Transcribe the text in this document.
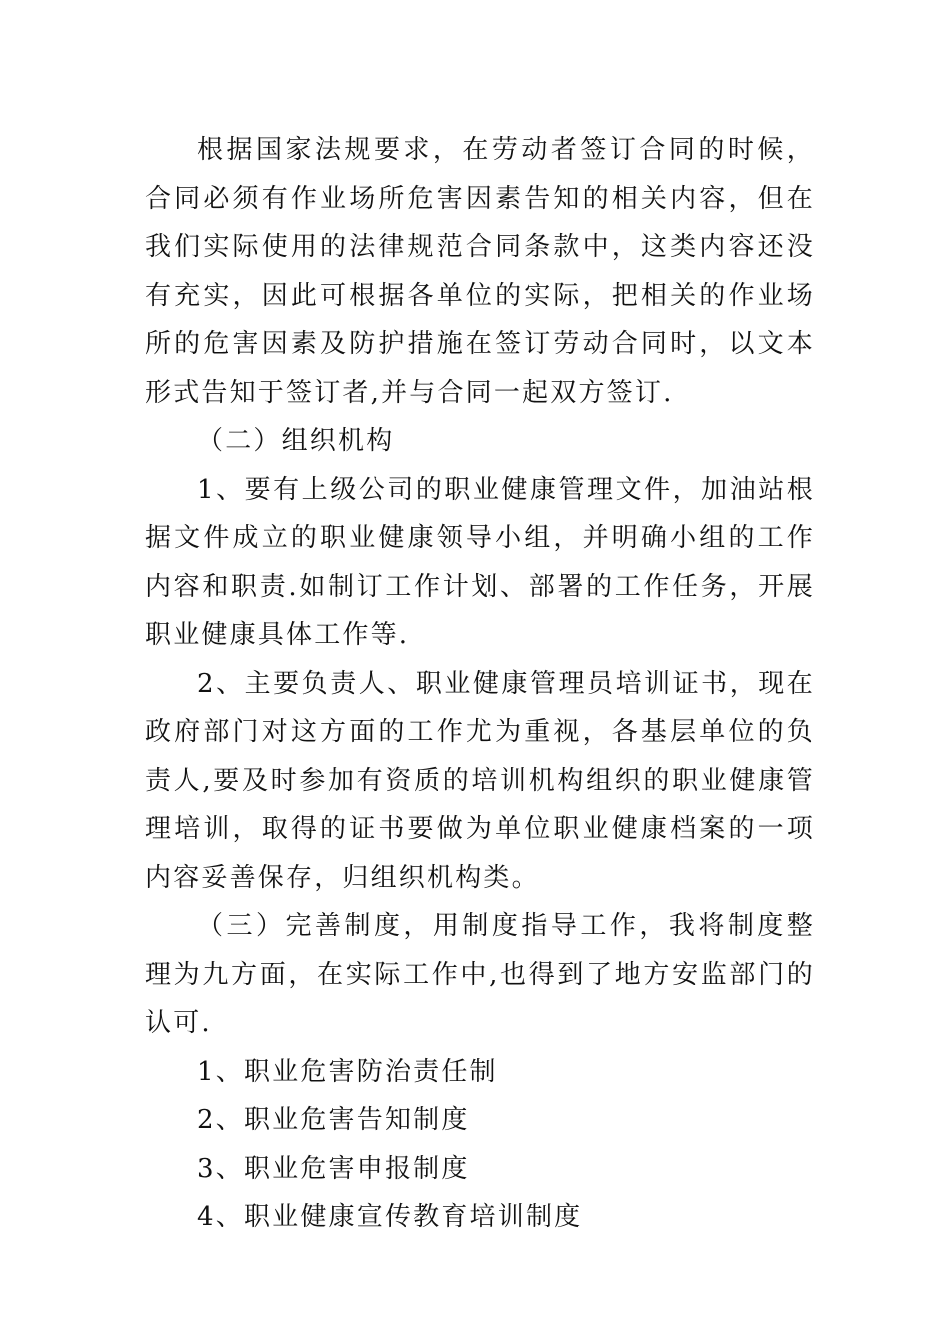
根据国家法规要求，在劳动者签订合同的时候，合同必须有作业场所危害因素告知的相关内容，但在我们实际使用的法律规范合同条款中，这类内容还没有充实，因此可根据各单位的实际，把相关的作业场所的危害因素及防护措施在签订劳动合同时，以文本形式告知于签订者,并与合同一起双方签订.

（二）组织机构

1、要有上级公司的职业健康管理文件，加油站根据文件成立的职业健康领导小组，并明确小组的工作内容和职责.如制订工作计划、部署的工作任务，开展职业健康具体工作等.

2、主要负责人、职业健康管理员培训证书，现在政府部门对这方面的工作尤为重视，各基层单位的负责人,要及时参加有资质的培训机构组织的职业健康管理培训，取得的证书要做为单位职业健康档案的一项内容妥善保存，归组织机构类。

（三）完善制度，用制度指导工作，我将制度整理为九方面，在实际工作中,也得到了地方安监部门的认可.

1、职业危害防治责任制

2、职业危害告知制度

3、职业危害申报制度

4、职业健康宣传教育培训制度
